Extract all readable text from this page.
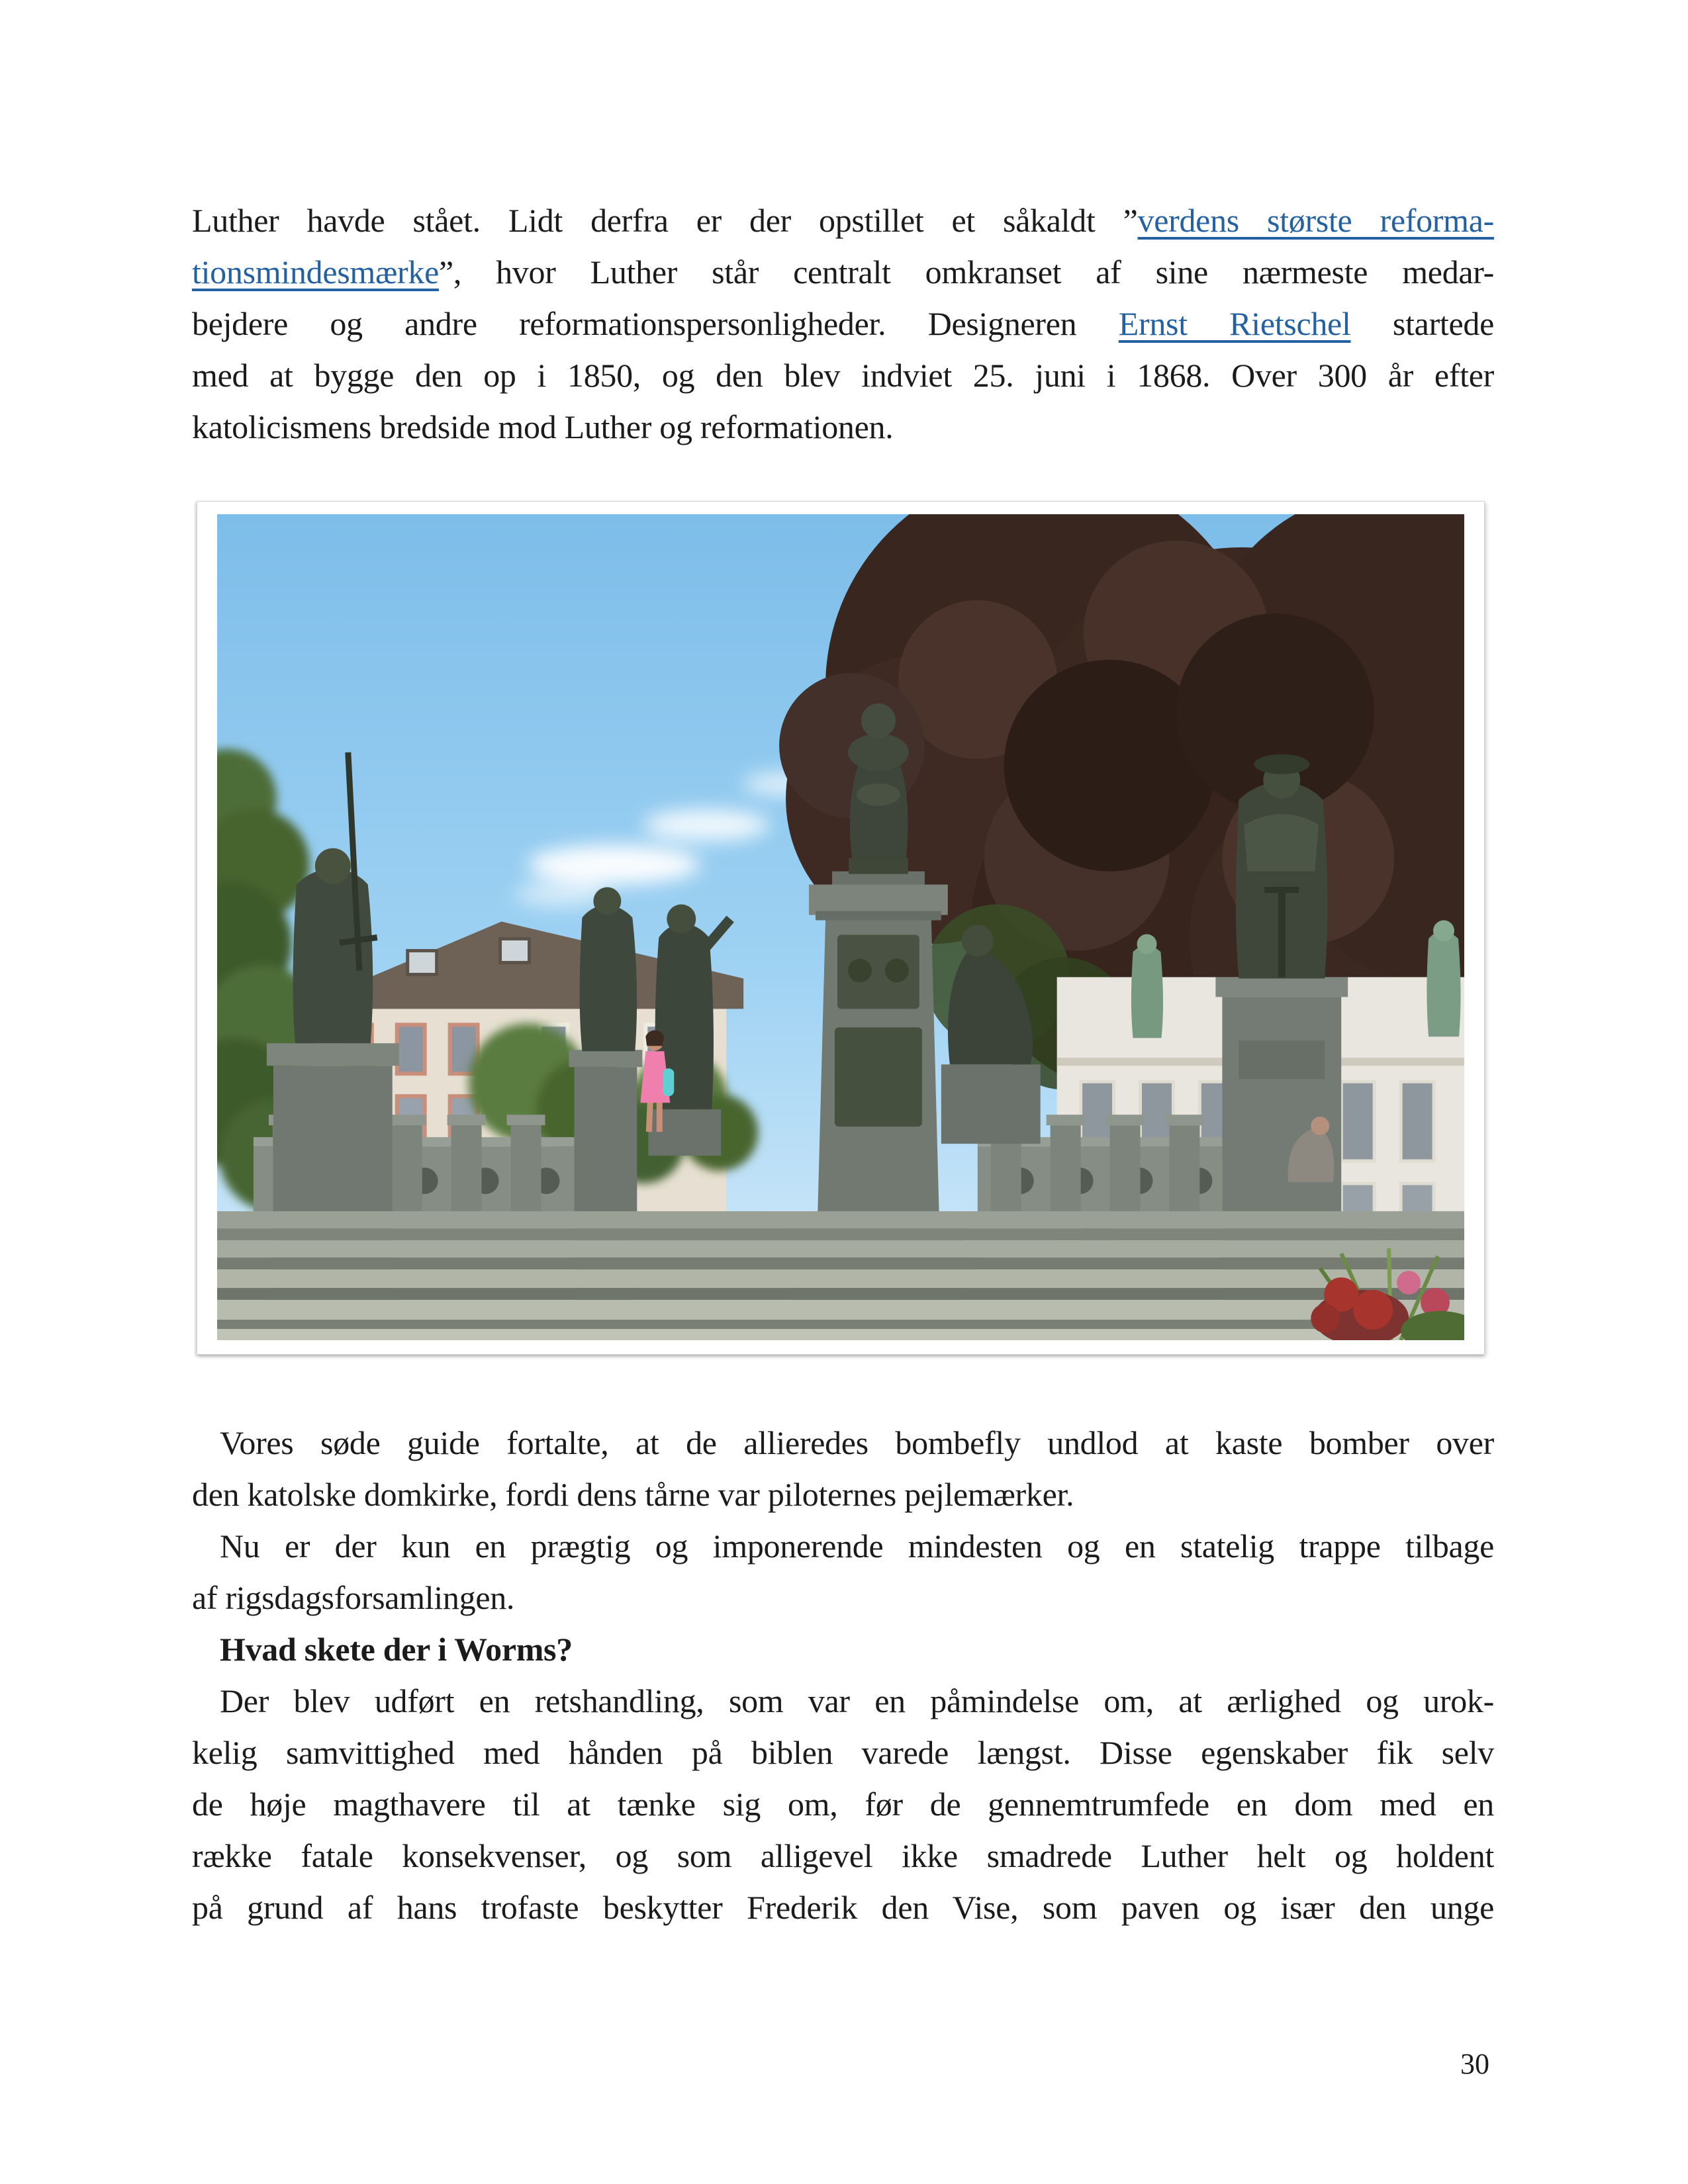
Luther havde stået. Lidt derfra er der opstillet et såkaldt ”verdens største reforma-
tionsmindesmærke”, hvor Luther står centralt omkranset af sine nærmeste medar-
bejdere og andre reformationspersonligheder. Designeren Ernst Rietschel startede
med at bygge den op i 1850, og den blev indviet 25. juni i 1868. Over 300 år efter
katolicismens bredside mod Luther og reformationen.
Vores søde guide fortalte, at de allieredes bombefly undlod at kaste bomber over
den katolske domkirke, fordi dens tårne var piloternes pejlemærker.
Nu er der kun en prægtig og imponerende mindesten og en statelig trappe tilbage
af rigsdagsforsamlingen.
Hvad skete der i Worms?
Der blev udført en retshandling, som var en påmindelse om, at ærlighed og urok-
kelig samvittighed med hånden på biblen varede længst. Disse egenskaber fik selv
de høje magthavere til at tænke sig om, før de gennemtrumfede en dom med en
række fatale konsekvenser, og som alligevel ikke smadrede Luther helt og holdent
på grund af hans trofaste beskytter Frederik den Vise, som paven og især den unge
30
